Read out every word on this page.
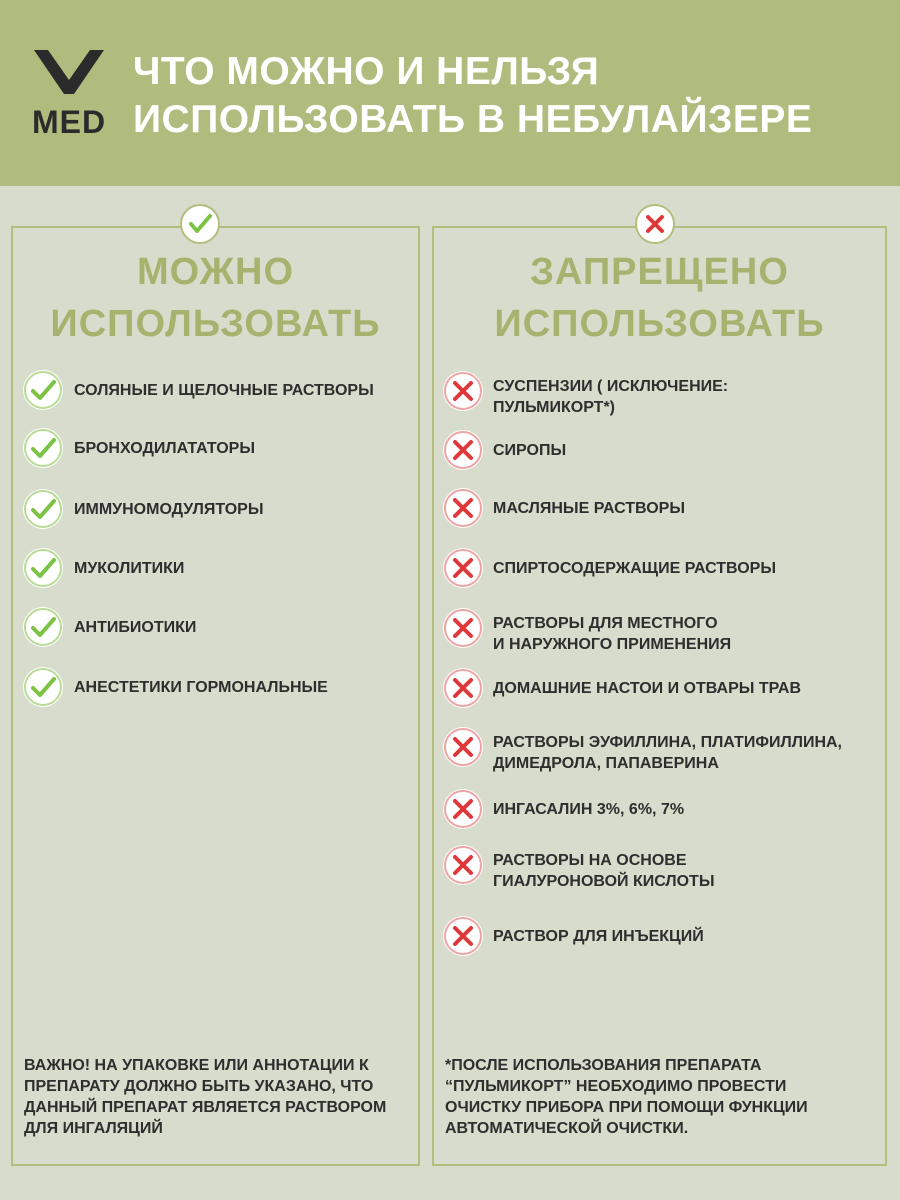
MED
ЧТО МОЖНО И НЕЛЬЗЯ
ИСПОЛЬЗОВАТЬ В НЕБУЛАЙЗЕРЕ
МОЖНО
ИСПОЛЬЗОВАТЬ
ЗАПРЕЩЕНО
ИСПОЛЬЗОВАТЬ
СОЛЯНЫЕ И ЩЕЛОЧНЫЕ РАСТВОРЫ
БРОНХОДИЛАТАТОРЫ
ИММУНОМОДУЛЯТОРЫ
МУКОЛИТИКИ
АНТИБИОТИКИ
АНЕСТЕТИКИ ГОРМОНАЛЬНЫЕ
СУСПЕНЗИИ ( ИСКЛЮЧЕНИЕ:
ПУЛЬМИКОРТ*)
СИРОПЫ
МАСЛЯНЫЕ РАСТВОРЫ
СПИРТОСОДЕРЖАЩИЕ РАСТВОРЫ
РАСТВОРЫ ДЛЯ МЕСТНОГО
И НАРУЖНОГО ПРИМЕНЕНИЯ
ДОМАШНИЕ НАСТОИ И ОТВАРЫ ТРАВ
РАСТВОРЫ ЭУФИЛЛИНА, ПЛАТИФИЛЛИНА,
ДИМЕДРОЛА, ПАПАВЕРИНА
ИНГАСАЛИН 3%, 6%, 7%
РАСТВОРЫ НА ОСНОВЕ
ГИАЛУРОНОВОЙ КИСЛОТЫ
РАСТВОР ДЛЯ ИНЪЕКЦИЙ
ВАЖНО! НА УПАКОВКЕ ИЛИ АННОТАЦИИ К
ПРЕПАРАТУ ДОЛЖНО БЫТЬ УКАЗАНО, ЧТО
ДАННЫЙ ПРЕПАРАТ ЯВЛЯЕТСЯ РАСТВОРОМ
ДЛЯ ИНГАЛЯЦИЙ
*ПОСЛЕ ИСПОЛЬЗОВАНИЯ ПРЕПАРАТА
“ПУЛЬМИКОРТ” НЕОБХОДИМО ПРОВЕСТИ
ОЧИСТКУ ПРИБОРА ПРИ ПОМОЩИ ФУНКЦИИ
АВТОМАТИЧЕСКОЙ ОЧИСТКИ.
